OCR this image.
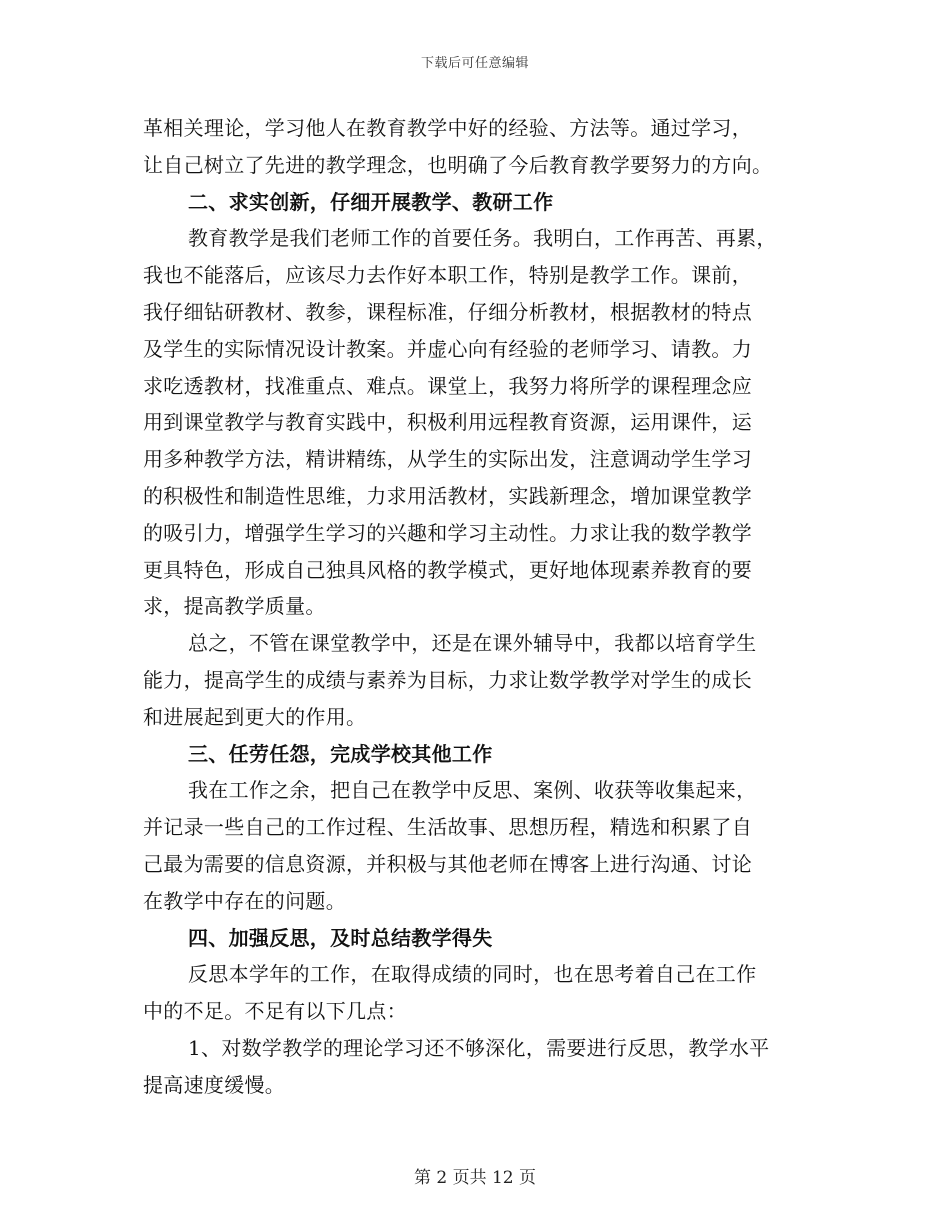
下载后可任意编辑
革相关理论，学习他人在教育教学中好的经验、方法等。通过学习，
让自己树立了先进的教学理念，也明确了今后教育教学要努力的方向。
二、求实创新，仔细开展教学、教研工作
教育教学是我们老师工作的首要任务。我明白，工作再苦、再累，
我也不能落后，应该尽力去作好本职工作，特别是教学工作。课前，
我仔细钻研教材、教参，课程标准，仔细分析教材，根据教材的特点
及学生的实际情况设计教案。并虚心向有经验的老师学习、请教。力
求吃透教材，找准重点、难点。课堂上，我努力将所学的课程理念应
用到课堂教学与教育实践中，积极利用远程教育资源，运用课件，运
用多种教学方法，精讲精练，从学生的实际出发，注意调动学生学习
的积极性和制造性思维，力求用活教材，实践新理念，增加课堂教学
的吸引力，增强学生学习的兴趣和学习主动性。力求让我的数学教学
更具特色，形成自己独具风格的教学模式，更好地体现素养教育的要
求，提高教学质量。
总之，不管在课堂教学中，还是在课外辅导中，我都以培育学生
能力，提高学生的成绩与素养为目标，力求让数学教学对学生的成长
和进展起到更大的作用。
三、任劳任怨，完成学校其他工作
我在工作之余，把自己在教学中反思、案例、收获等收集起来，
并记录一些自己的工作过程、生活故事、思想历程，精选和积累了自
己最为需要的信息资源，并积极与其他老师在博客上进行沟通、讨论
在教学中存在的问题。
四、加强反思，及时总结教学得失
反思本学年的工作，在取得成绩的同时，也在思考着自己在工作
中的不足。不足有以下几点：
1、对数学教学的理论学习还不够深化，需要进行反思，教学水平
提高速度缓慢。
第 2 页共 12 页
